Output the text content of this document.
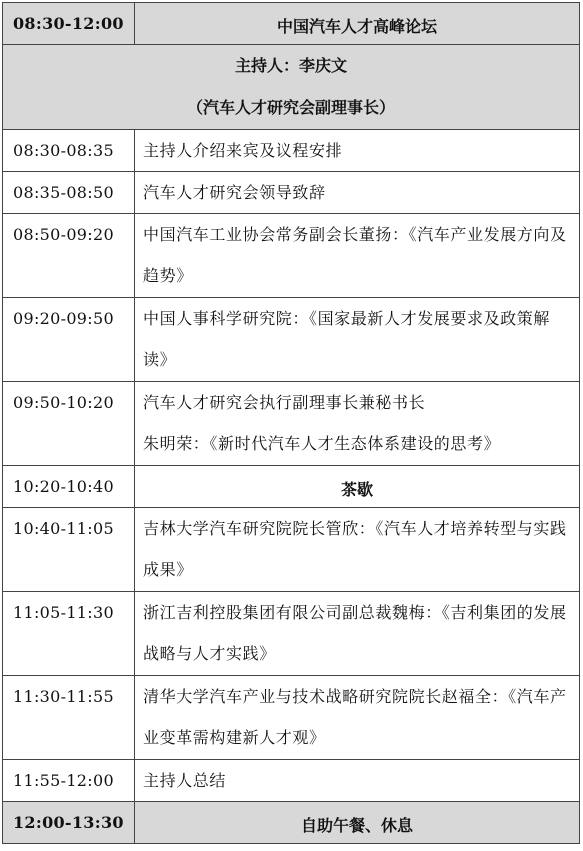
08:30-12:00	中国汽车人才高峰论坛

主持人：李庆文
（汽车人才研究会副理事长）	

08:30-08:35	主持人介绍来宾及议程安排

08:35-08:50	汽车人才研究会领导致辞

08:50-09:20	中国汽车工业协会常务副会长董扬：《汽车产业发展方向及趋势》

09:20-09:50	中国人事科学研究院：《国家最新人才发展要求及政策解读》

09:50-10:20	汽车人才研究会执行副理事长兼秘书长
朱明荣：《新时代汽车人才生态体系建设的思考》

10:20-10:40	茶歇
10:40-11:05	吉林大学汽车研究院院长管欣：《汽车人才培养转型与实践成果》

11:05-11:30	浙江吉利控股集团有限公司副总裁魏梅：《吉利集团的发展战略与人才实践》

11:30-11:55	清华大学汽车产业与技术战略研究院院长赵福全：《汽车产业变革需构建新人才观》

11:55-12:00	主持人总结

12:00-13:30	自助午餐、休息
